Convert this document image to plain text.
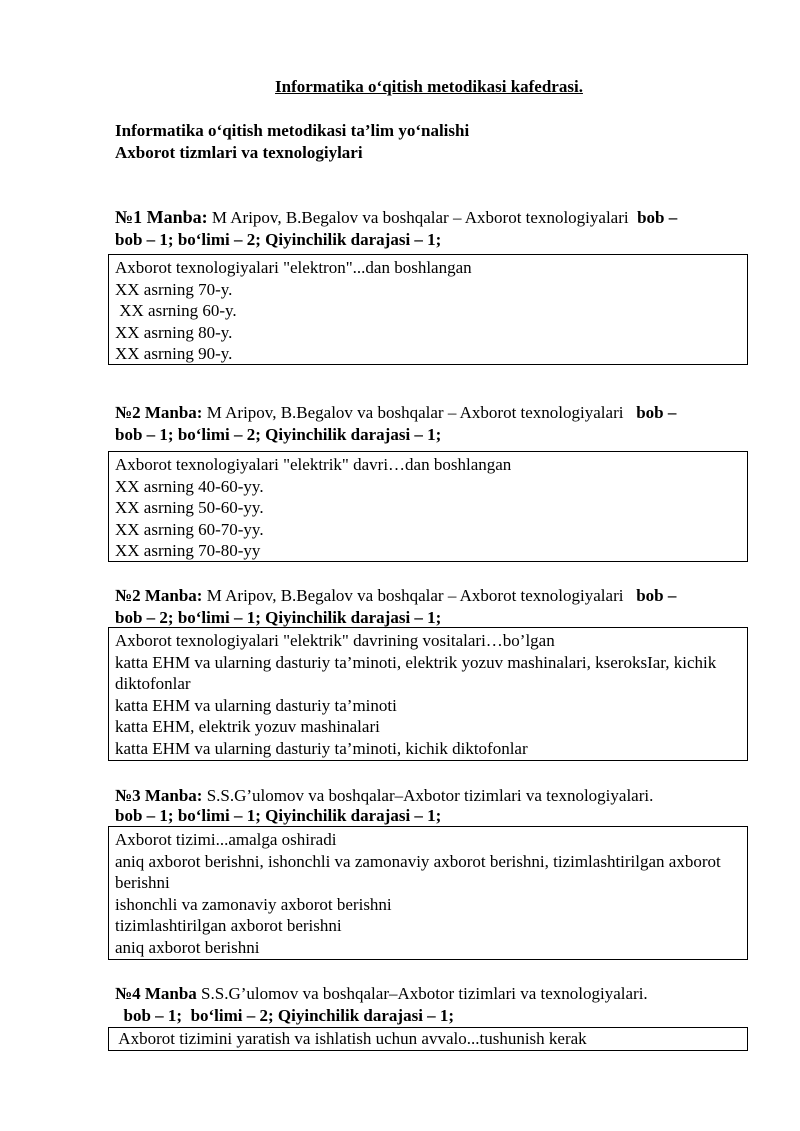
Informatika o‘qitish metodikasi kafedrasi.
Informatika o‘qitish metodikasi ta’lim yo‘nalishi
Axborot tizmlari va texnologiylari
№1 Manba: M Aripov, B.Begalov va boshqalar – Axborot texnologiyalari bob –
bob – 1; bo‘limi – 2; Qiyinchilik darajasi – 1;
Axborot texnologiyalari "elektron"...dan boshlangan
XX asrning 70-y.
XX asrning 60-y.
XX asrning 80-y.
XX asrning 90-y.
№2 Manba: M Aripov, B.Begalov va boshqalar – Axborot texnologiyalari bob –
bob – 1; bo‘limi – 2; Qiyinchilik darajasi – 1;
Axborot texnologiyalari "elektrik" davri…dan boshlangan
XX asrning 40-60-yy.
XX asrning 50-60-yy.
XX asrning 60-70-yy.
XX asrning 70-80-yy
№2 Manba: M Aripov, B.Begalov va boshqalar – Axborot texnologiyalari bob –
bob – 2; bo‘limi – 1; Qiyinchilik darajasi – 1;
Axborot texnologiyalari "elektrik" davrining vositalari…bo’lgan
katta EHM va ularning dasturiy ta’minoti, elektrik yozuv mashinalari, kseroksIar, kichik diktofonlar
katta EHM va ularning dasturiy ta’minoti
katta EHM, elektrik yozuv mashinalari
katta EHM va ularning dasturiy ta’minoti, kichik diktofonlar
№3 Manba: S.S.G’ulomov va boshqalar–Axbotor tizimlari va texnologiyalari.
bob – 1; bo‘limi – 1; Qiyinchilik darajasi – 1;
Axborot tizimi...amalga oshiradi
aniq axborot berishni, ishonchli va zamonaviy axborot berishni, tizimlashtirilgan axborot berishni
ishonchli va zamonaviy axborot berishni
tizimlashtirilgan axborot berishni
aniq axborot berishni
№4 Manba S.S.G’ulomov va boshqalar–Axbotor tizimlari va texnologiyalari.
bob – 1;  bo‘limi – 2; Qiyinchilik darajasi – 1;
Axborot tizimini yaratish va ishlatish uchun avvalo...tushunish kerak
